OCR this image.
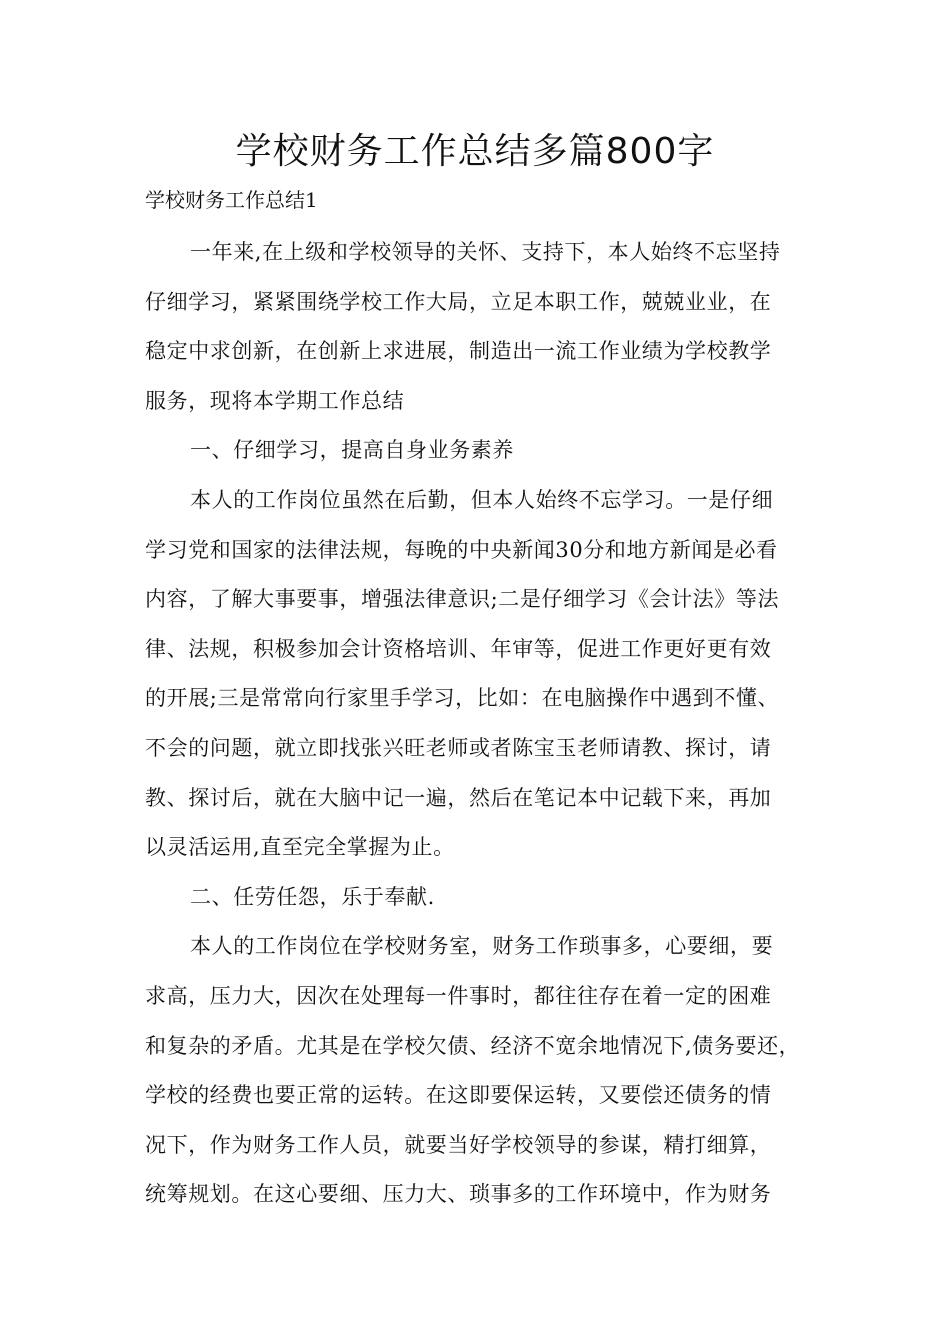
学校财务工作总结多篇800字
学校财务工作总结1
一年来,在上级和学校领导的关怀、支持下，本人始终不忘坚持
仔细学习，紧紧围绕学校工作大局，立足本职工作，兢兢业业，在
稳定中求创新，在创新上求进展，制造出一流工作业绩为学校教学
服务，现将本学期工作总结
一、仔细学习，提高自身业务素养
本人的工作岗位虽然在后勤，但本人始终不忘学习。一是仔细
学习党和国家的法律法规，每晚的中央新闻30分和地方新闻是必看
内容，了解大事要事，增强法律意识;二是仔细学习《会计法》等法
律、法规，积极参加会计资格培训、年审等，促进工作更好更有效
的开展;三是常常向行家里手学习，比如：在电脑操作中遇到不懂、
不会的问题，就立即找张兴旺老师或者陈宝玉老师请教、探讨，请
教、探讨后，就在大脑中记一遍，然后在笔记本中记载下来，再加
以灵活运用,直至完全掌握为止。
二、任劳任怨，乐于奉献.
本人的工作岗位在学校财务室，财务工作琐事多，心要细，要
求高，压力大，因次在处理每一件事时，都往往存在着一定的困难
和复杂的矛盾。尤其是在学校欠债、经济不宽余地情况下,债务要还，
学校的经费也要正常的运转。在这即要保运转，又要偿还债务的情
况下，作为财务工作人员，就要当好学校领导的参谋，精打细算，
统筹规划。在这心要细、压力大、琐事多的工作环境中，作为财务
